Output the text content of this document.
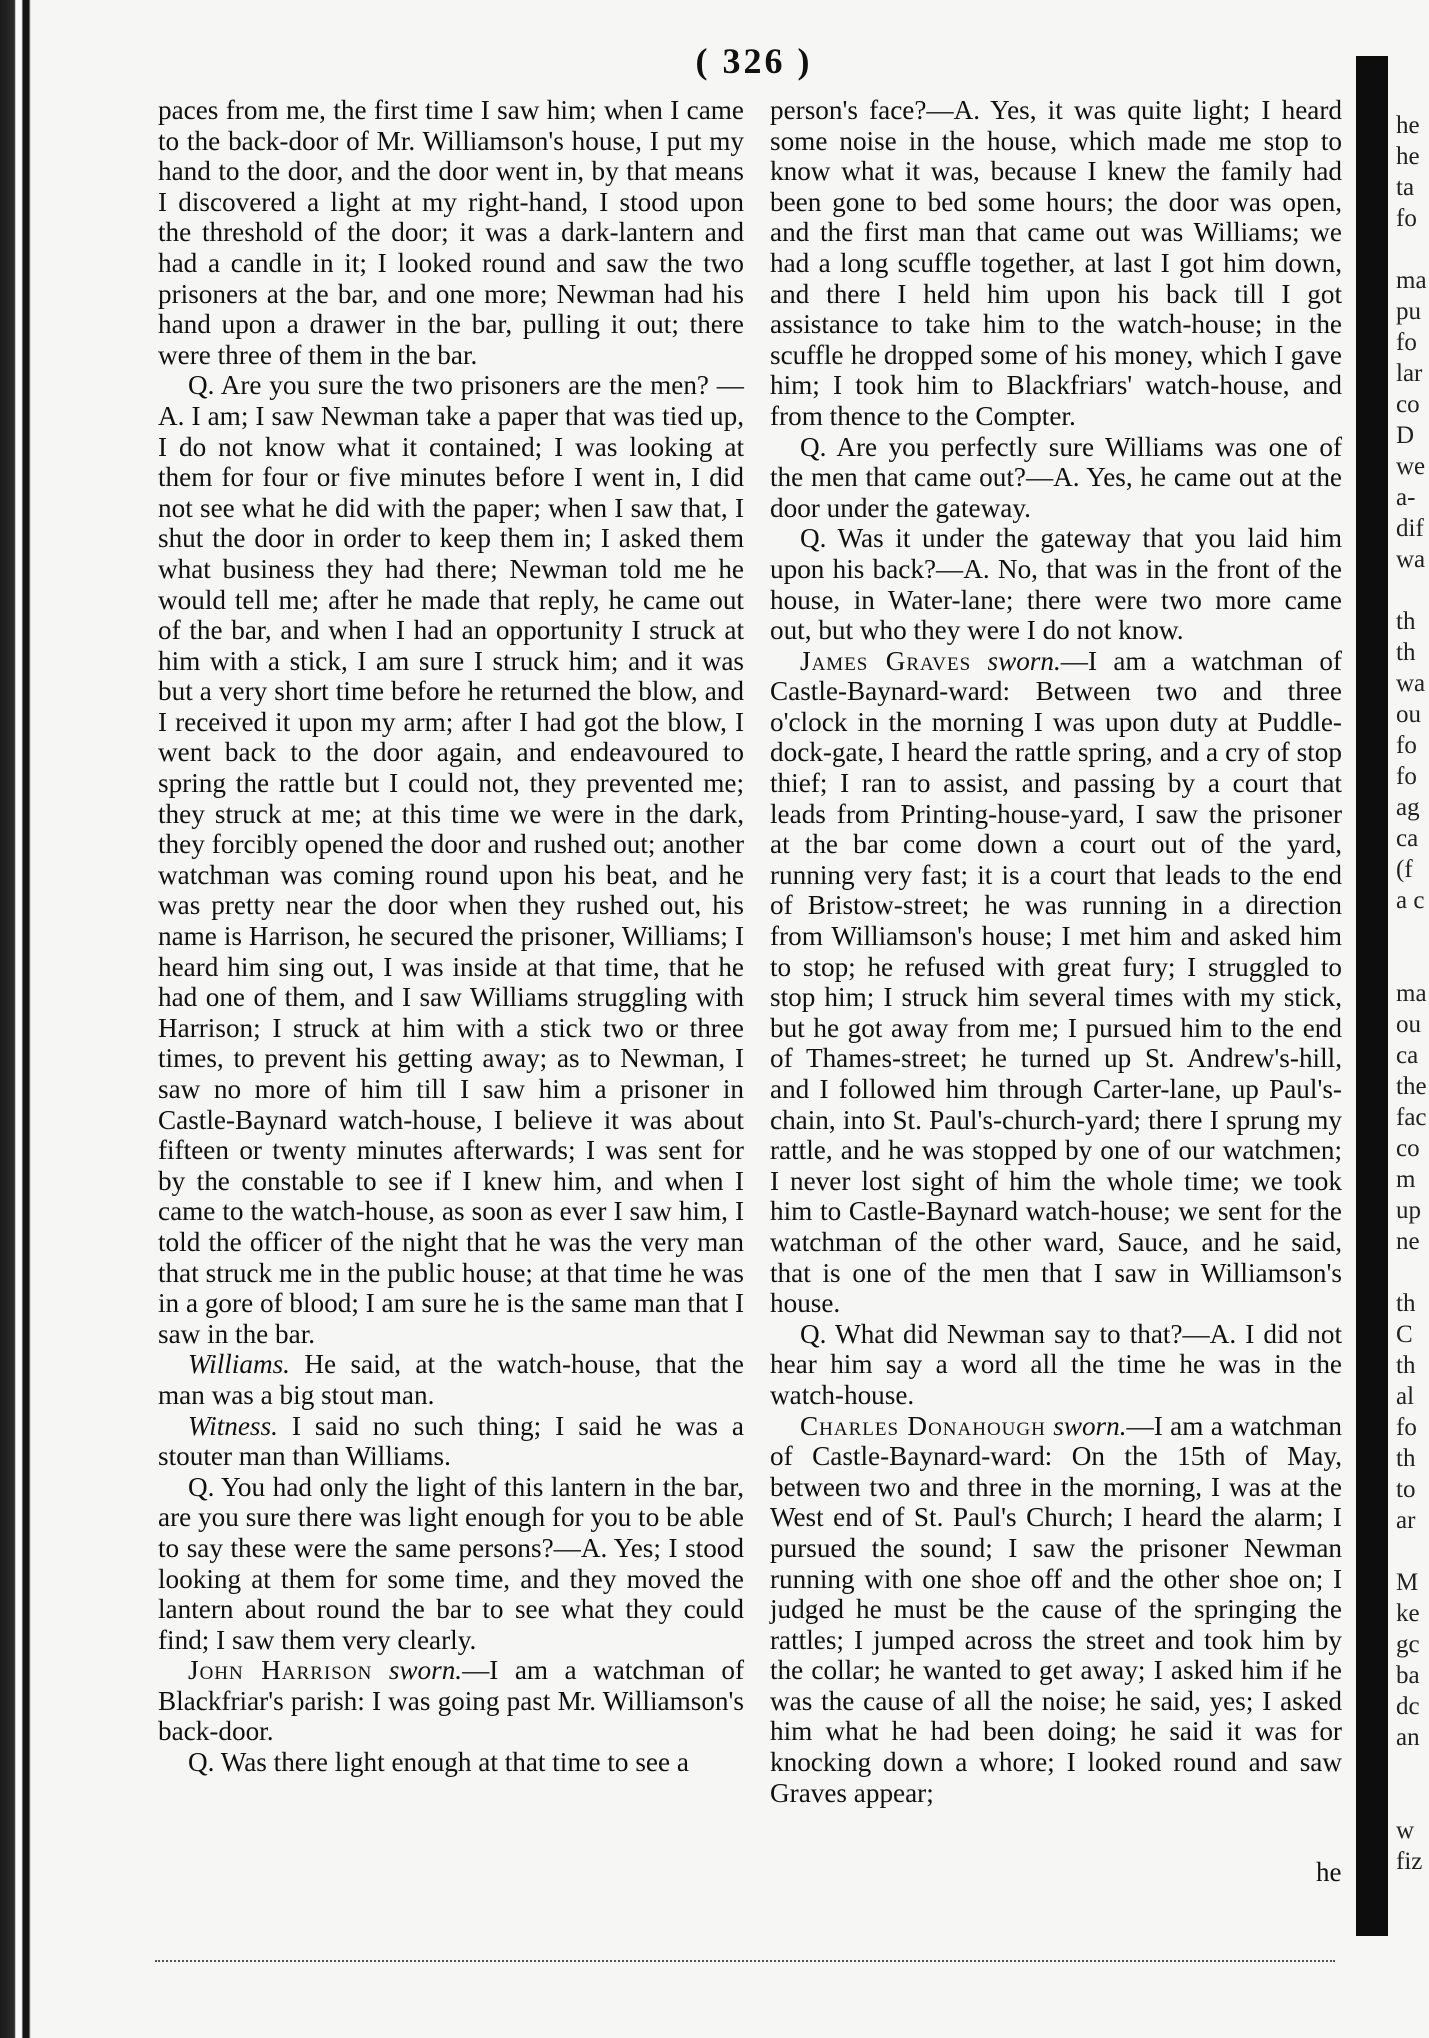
he
he
ta
fo

ma
pu
fo
lar
co
D
we
a-
dif
wa

th
th
wa
ou
fo
fo
ag
ca
(f
a c

ma
ou
ca
the
fac
co
m
up
ne

th
C
th
al
fo
th
to
ar

M
ke
gc
ba
dc
an

w
fiz
( 326 )

paces from me, the first time I saw him; when I came to the back-door of Mr. Williamson's house, I put my hand to the door, and the door went in, by that means I discovered a light at my right-hand, I stood upon the threshold of the door; it was a dark-lantern and had a candle in it; I looked round and saw the two prisoners at the bar, and one more; Newman had his hand upon a drawer in the bar, pulling it out; there were three of them in the bar.

Q. Are you sure the two prisoners are the men? —A. I am; I saw Newman take a paper that was tied up, I do not know what it contained; I was looking at them for four or five minutes before I went in, I did not see what he did with the paper; when I saw that, I shut the door in order to keep them in; I asked them what business they had there; Newman told me he would tell me; after he made that reply, he came out of the bar, and when I had an opportunity I struck at him with a stick, I am sure I struck him; and it was but a very short time before he returned the blow, and I received it upon my arm; after I had got the blow, I went back to the door again, and endeavoured to spring the rattle but I could not, they prevented me; they struck at me; at this time we were in the dark, they forcibly opened the door and rushed out; another watchman was coming round upon his beat, and he was pretty near the door when they rushed out, his name is Harrison, he secured the prisoner, Williams; I heard him sing out, I was inside at that time, that he had one of them, and I saw Williams struggling with Harrison; I struck at him with a stick two or three times, to prevent his getting away; as to Newman, I saw no more of him till I saw him a prisoner in Castle-Baynard watch-house, I believe it was about fifteen or twenty minutes afterwards; I was sent for by the constable to see if I knew him, and when I came to the watch-house, as soon as ever I saw him, I told the officer of the night that he was the very man that struck me in the public house; at that time he was in a gore of blood; I am sure he is the same man that I saw in the bar.

Williams. He said, at the watch-house, that the man was a big stout man.

Witness. I said no such thing; I said he was a stouter man than Williams.

Q. You had only the light of this lantern in the bar, are you sure there was light enough for you to be able to say these were the same persons?—A. Yes; I stood looking at them for some time, and they moved the lantern about round the bar to see what they could find; I saw them very clearly.

John Harrison sworn.—I am a watchman of Blackfriar's parish: I was going past Mr. Williamson's back-door.

Q. Was there light enough at that time to see a

person's face?—A. Yes, it was quite light; I heard some noise in the house, which made me stop to know what it was, because I knew the family had been gone to bed some hours; the door was open, and the first man that came out was Williams; we had a long scuffle together, at last I got him down, and there I held him upon his back till I got assistance to take him to the watch-house; in the scuffle he dropped some of his money, which I gave him; I took him to Blackfriars' watch-house, and from thence to the Compter.

Q. Are you perfectly sure Williams was one of the men that came out?—A. Yes, he came out at the door under the gateway.

Q. Was it under the gateway that you laid him upon his back?—A. No, that was in the front of the house, in Water-lane; there were two more came out, but who they were I do not know.

James Graves sworn.—I am a watchman of Castle-Baynard-ward: Between two and three o'clock in the morning I was upon duty at Puddle-dock-gate, I heard the rattle spring, and a cry of stop thief; I ran to assist, and passing by a court that leads from Printing-house-yard, I saw the prisoner at the bar come down a court out of the yard, running very fast; it is a court that leads to the end of Bristow-street; he was running in a direction from Williamson's house; I met him and asked him to stop; he refused with great fury; I struggled to stop him; I struck him several times with my stick, but he got away from me; I pursued him to the end of Thames-street; he turned up St. Andrew's-hill, and I followed him through Carter-lane, up Paul's-chain, into St. Paul's-church-yard; there I sprung my rattle, and he was stopped by one of our watchmen; I never lost sight of him the whole time; we took him to Castle-Baynard watch-house; we sent for the watchman of the other ward, Sauce, and he said, that is one of the men that I saw in Williamson's house.

Q. What did Newman say to that?—A. I did not hear him say a word all the time he was in the watch-house.

Charles Donahough sworn.—I am a watchman of Castle-Baynard-ward: On the 15th of May, between two and three in the morning, I was at the West end of St. Paul's Church; I heard the alarm; I pursued the sound; I saw the prisoner Newman running with one shoe off and the other shoe on; I judged he must be the cause of the springing the rattles; I jumped across the street and took him by the collar; he wanted to get away; I asked him if he was the cause of all the noise; he said, yes; I asked him what he had been doing; he said it was for knocking down a whore; I looked round and saw Graves appear;

he
